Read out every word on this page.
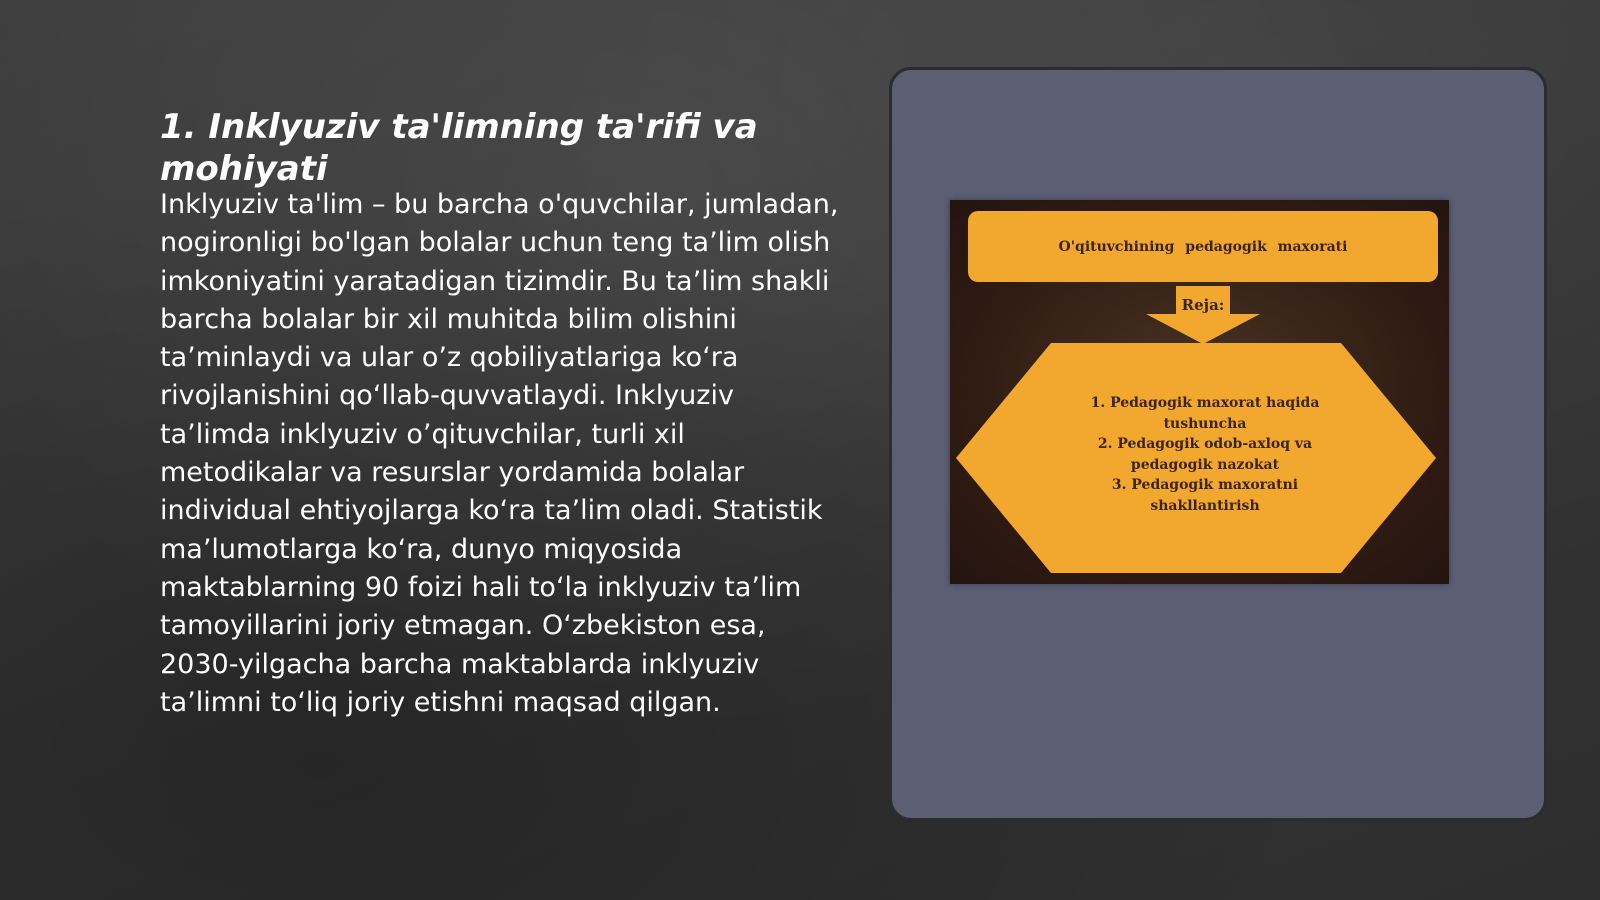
1. Inklyuziv ta'limning ta'rifi va mohiyati

Inklyuziv ta'lim – bu barcha o'quvchilar, jumladan, nogironligi bo'lgan bolalar uchun teng ta’lim olish imkoniyatini yaratadigan tizimdir. Bu ta’lim shakli barcha bolalar bir xil muhitda bilim olishini ta’minlaydi va ular o’z qobiliyatlariga ko‘ra rivojlanishini qo‘llab-quvvatlaydi. Inklyuziv ta’limda inklyuziv o’qituvchilar, turli xil metodikalar va resurslar yordamida bolalar individual ehtiyojlarga ko‘ra ta’lim oladi. Statistik ma’lumotlarga ko‘ra, dunyo miqyosida maktablarning 90 foizi hali to‘la inklyuziv ta’lim tamoyillarini joriy etmagan. O‘zbekiston esa, 2030-yilgacha barcha maktablarda inklyuziv ta’limni to‘liq joriy etishni maqsad qilgan.

O'qituvchining pedagogik maxorati
Reja:
1. Pedagogik maxorat haqida tushuncha
2. Pedagogik odob-axloq va pedagogik nazokat
3. Pedagogik maxoratni shakllantirish
